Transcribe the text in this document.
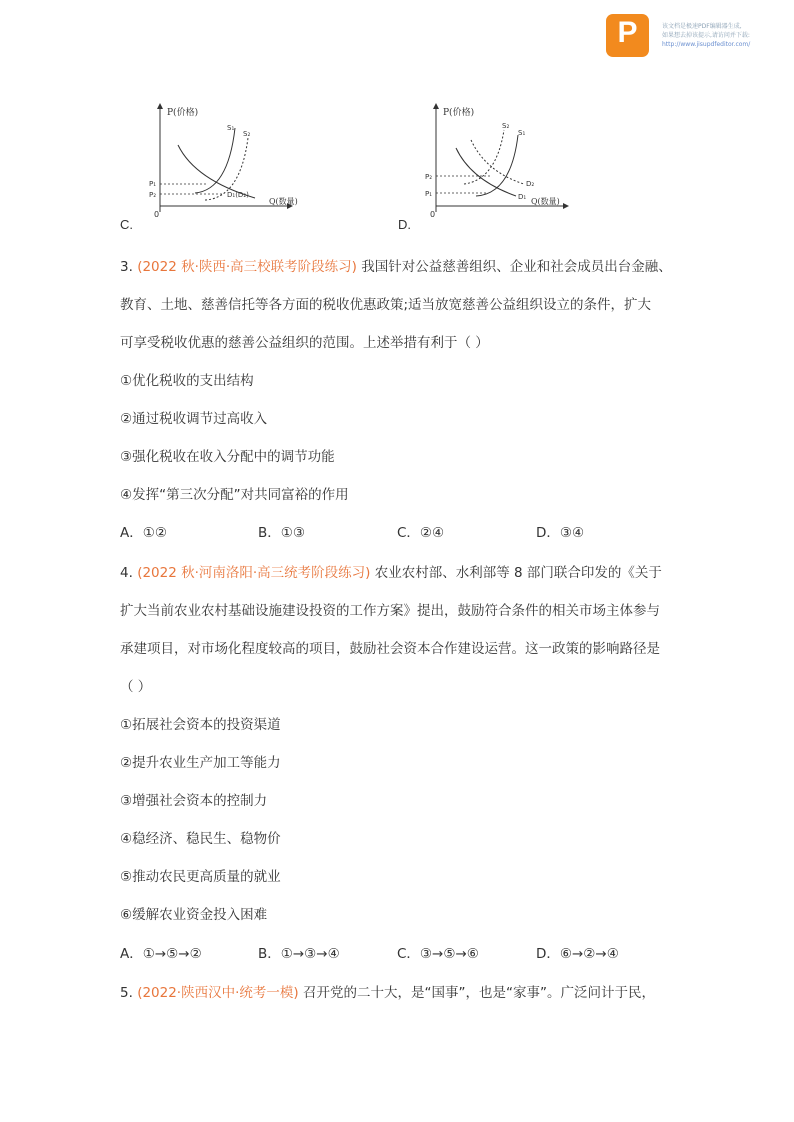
P	该文档是极速PDF编辑器生成,
如果想去掉该提示,请访问并下载:
http://www.jisupdfeditor.com/
C.
P(价格)
Q(数量)
0
P₁
P₂
S₁
S₂
D₁(D₂)
D.
P(价格)
Q(数量)
0
P₂
P₁
S₂
S₁
D₂
D₁
3. (2022 秋·陕西·高三校联考阶段练习) 我国针对公益慈善组织、企业和社会成员出台金融、
教育、土地、慈善信托等各方面的税收优惠政策;适当放宽慈善公益组织设立的条件，扩大
可享受税收优惠的慈善公益组织的范围。上述举措有利于（ ）
①优化税收的支出结构
②通过税收调节过高收入
③强化税收在收入分配中的调节功能
④发挥“第三次分配”对共同富裕的作用
A．①②	B．①③	C．②④	D．③④
4. (2022 秋·河南洛阳·高三统考阶段练习) 农业农村部、水利部等 8 部门联合印发的《关于
扩大当前农业农村基础设施建设投资的工作方案》提出，鼓励符合条件的相关市场主体参与
承建项目，对市场化程度较高的项目，鼓励社会资本合作建设运营。这一政策的影响路径是
（ ）
①拓展社会资本的投资渠道
②提升农业生产加工等能力
③增强社会资本的控制力
④稳经济、稳民生、稳物价
⑤推动农民更高质量的就业
⑥缓解农业资金投入困难
A．①→⑤→②	B．①→③→④	C．③→⑤→⑥	D．⑥→②→④
5. (2022·陕西汉中·统考一模) 召开党的二十大，是“国事”，也是“家事”。广泛问计于民，
